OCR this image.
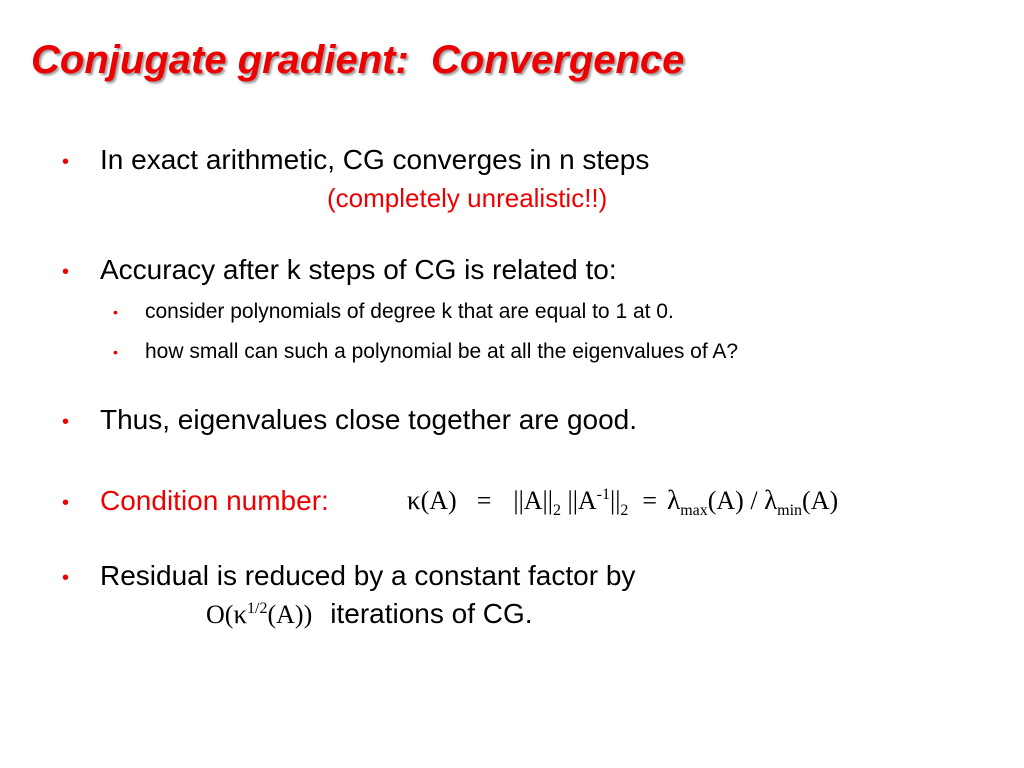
Conjugate gradient:  Convergence
• In exact arithmetic, CG converges in n steps
(completely unrealistic!!)
• Accuracy after k steps of CG is related to:
• consider polynomials of degree k that are equal to 1 at 0.
• how small can such a polynomial be at all the eigenvalues of A?
• Thus, eigenvalues close together are good.
• Condition number:	$\kappa(A) = ||A||_2$ $||A^{-1}||_2 = \lambda_{max}(A) / \lambda_{min}(A)$
• Residual is reduced by a constant factor by
$O(\kappa^{1/2}(A))$ iterations of CG.
